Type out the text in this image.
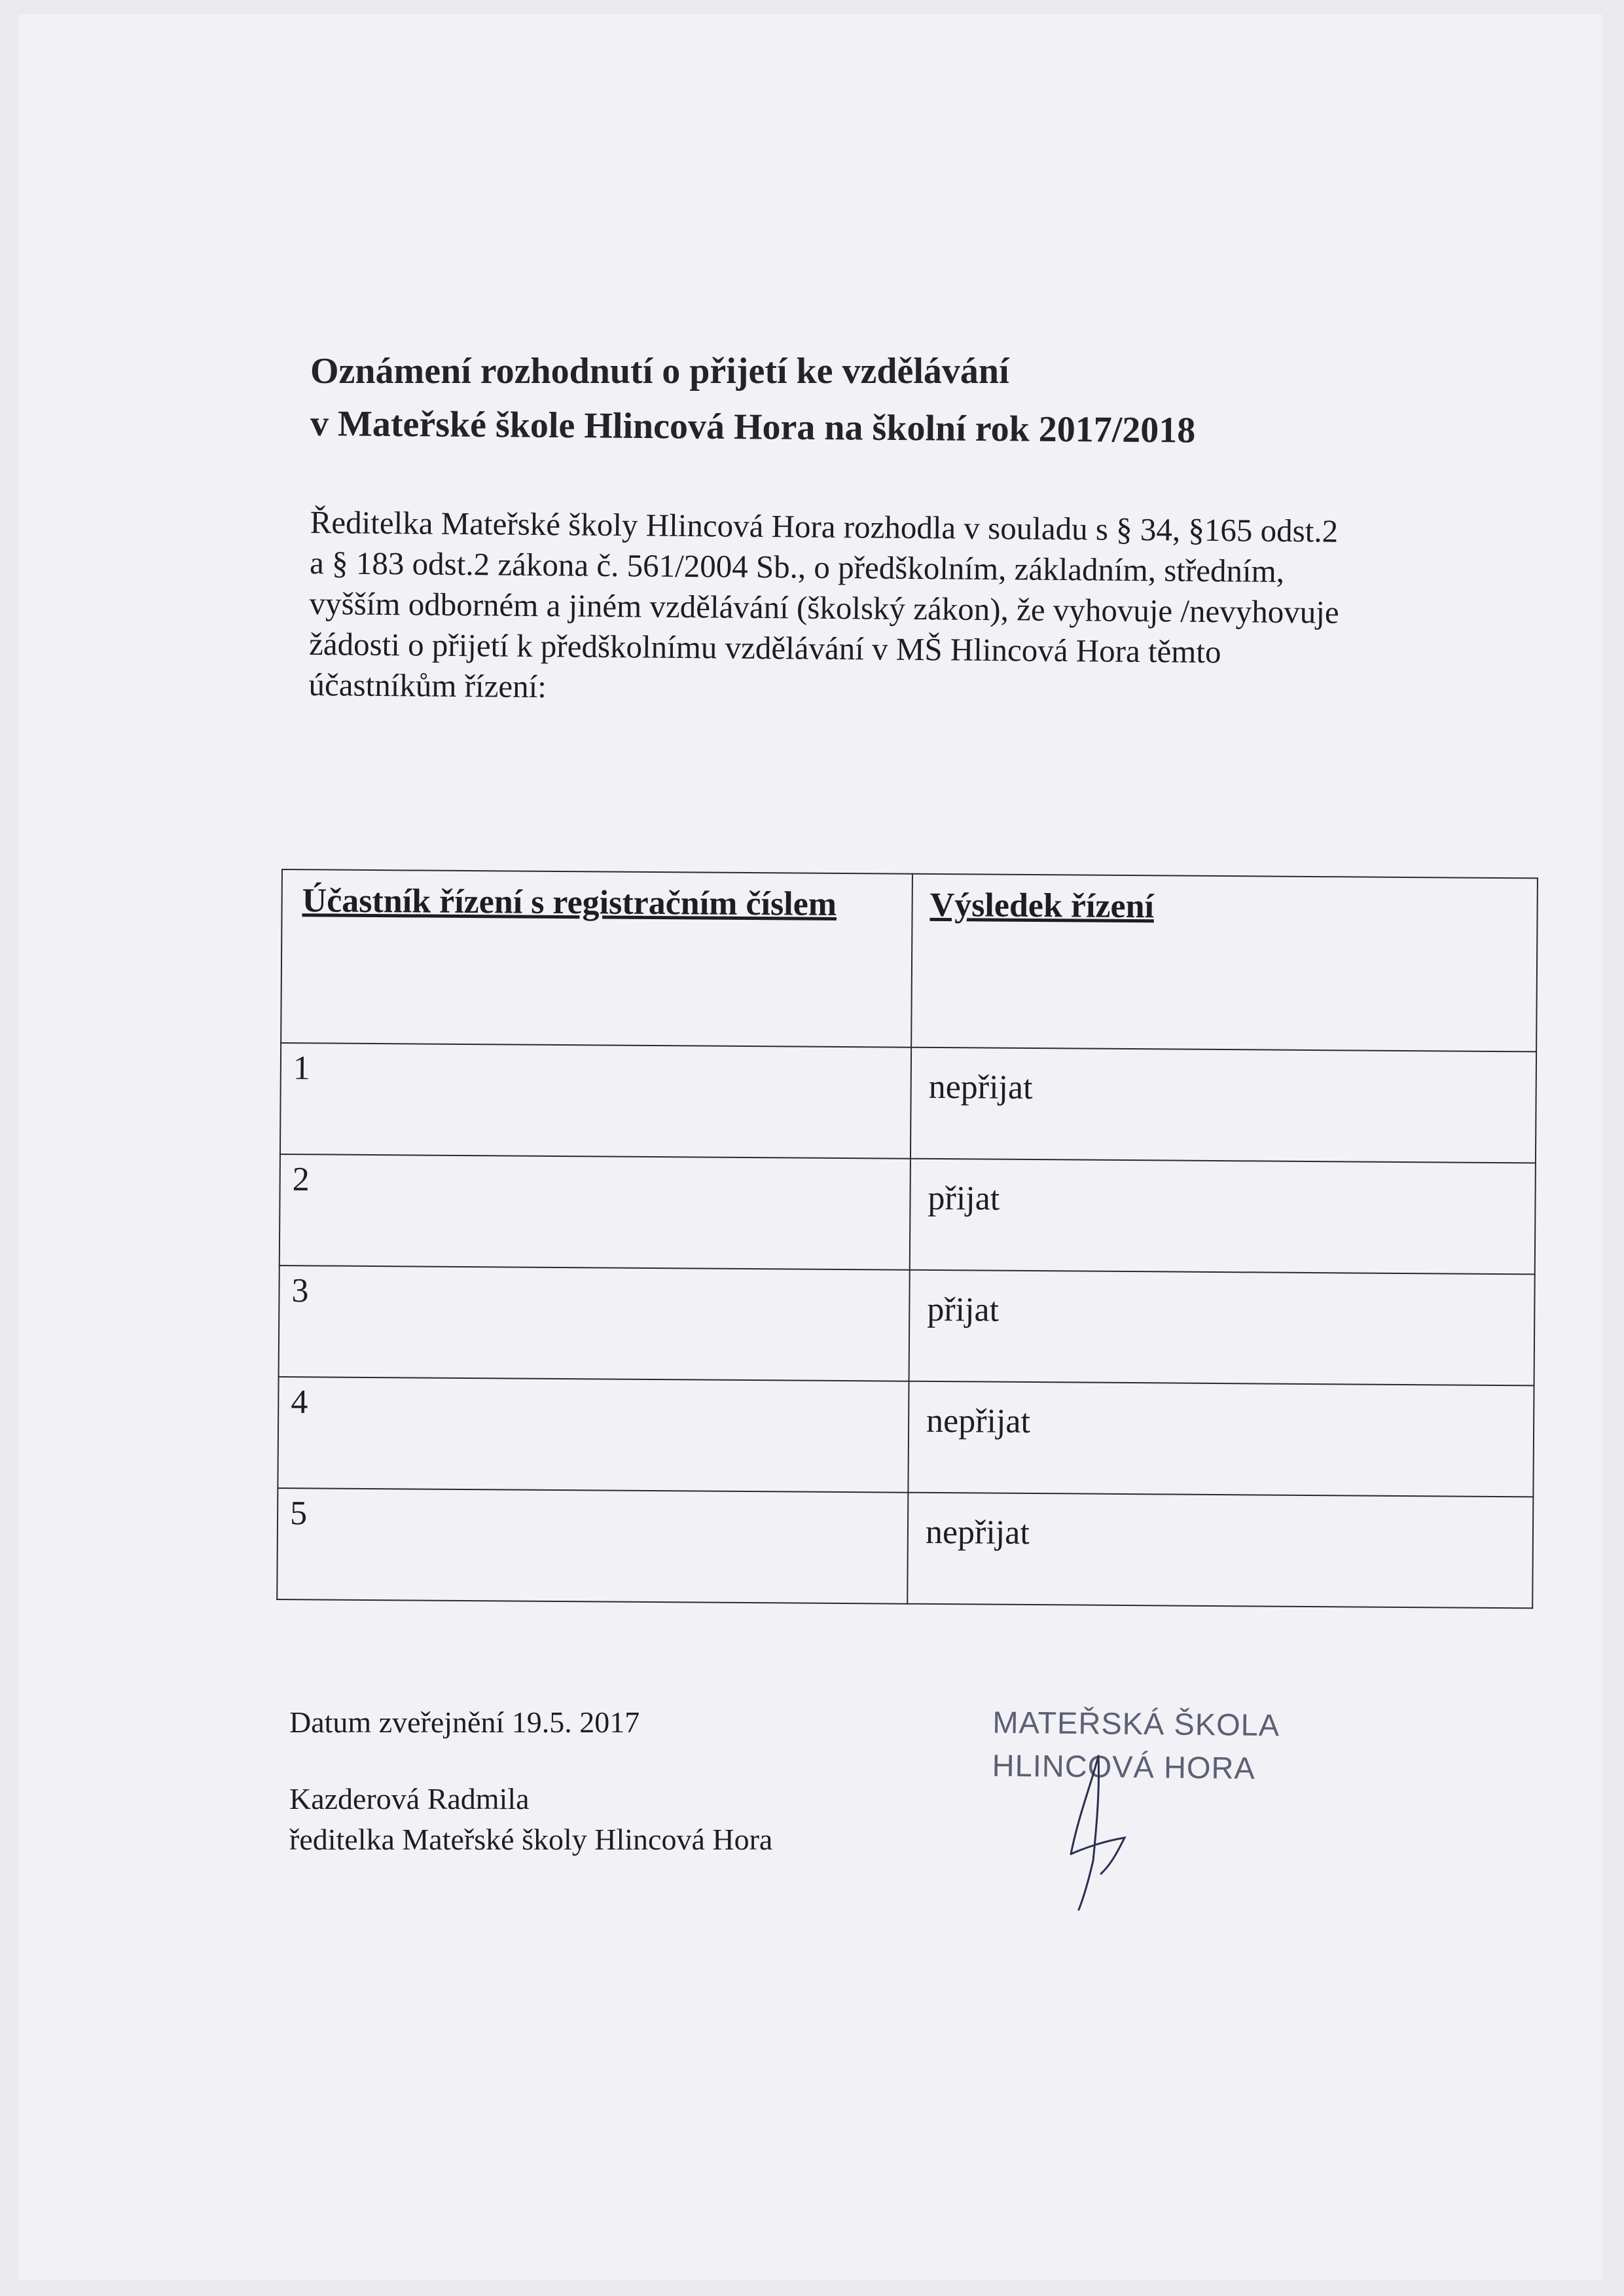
Oznámení rozhodnutí o přijetí ke vzdělávání
v Mateřské škole Hlincová Hora na školní rok 2017/2018
Ředitelka Mateřské školy Hlincová Hora rozhodla v souladu s § 34, §165 odst.2
a § 183 odst.2 zákona č. 561/2004 Sb., o předškolním, základním, středním,
vyšším odborném a jiném vzdělávání (školský zákon), že vyhovuje /nevyhovuje
žádosti o přijetí k předškolnímu vzdělávání v MŠ Hlincová Hora těmto
účastníkům řízení:
Účastník řízení s registračním číslem	Výsledek řízení
1	nepřijat
2	přijat
3	přijat
4	nepřijat
5	nepřijat
Datum zveřejnění 19.5. 2017
Kazderová Radmila
ředitelka Mateřské školy Hlincová Hora
MATEŘSKÁ ŠKOLA
HLINCOVÁ HORA
